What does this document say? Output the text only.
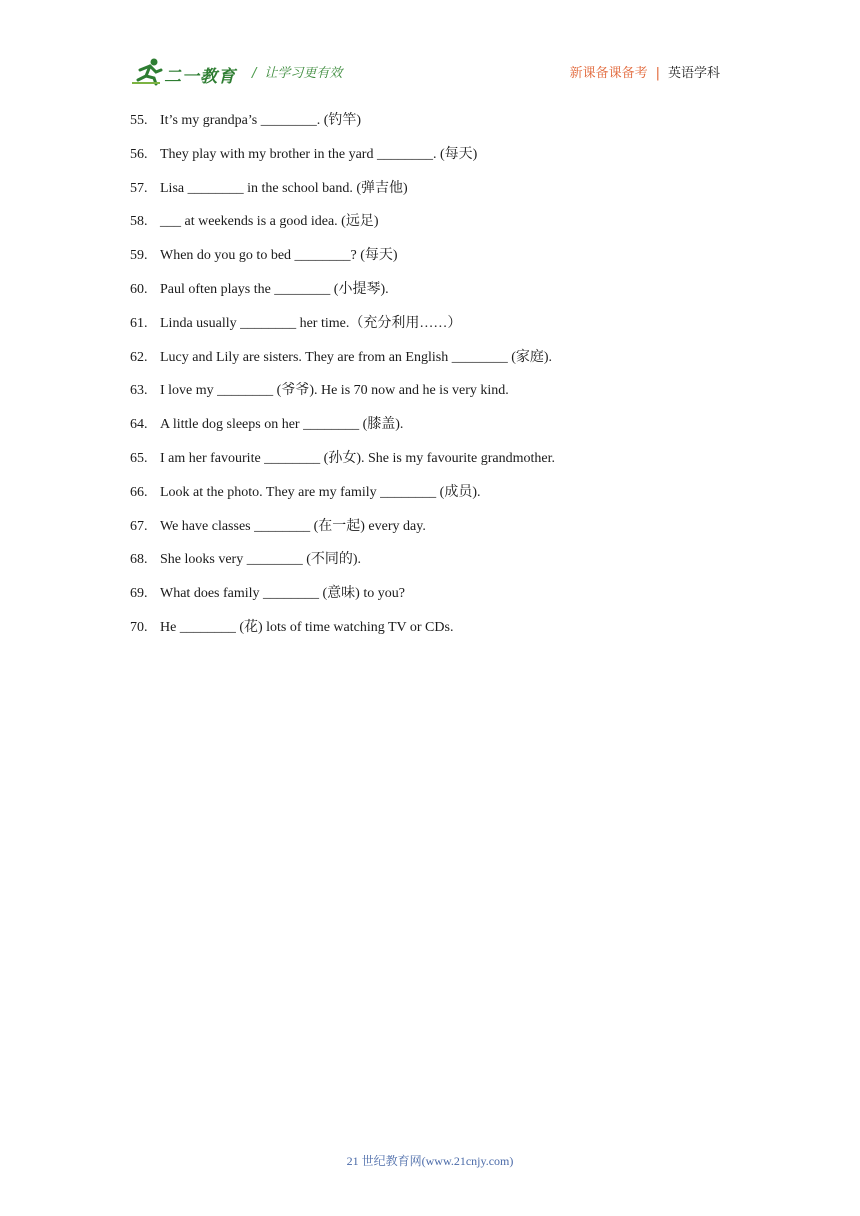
二一教育 / 让学习更有效	新课备课备考 | 英语学科
55. It’s my grandpa’s ________. (钓竿)
56. They play with my brother in the yard ________. (每天)
57. Lisa ________ in the school band. (弹吉他)
58. ___ at weekends is a good idea. (远足)
59. When do you go to bed ________? (每天)
60. Paul often plays the ________ (小提琴).
61. Linda usually ________ her time.（充分利用……）
62. Lucy and Lily are sisters. They are from an English ________ (家庭).
63. I love my ________ (爷爷). He is 70 now and he is very kind.
64. A little dog sleeps on her ________ (膝盖).
65. I am her favourite ________ (孙女). She is my favourite grandmother.
66. Look at the photo. They are my family ________ (成员).
67. We have classes ________ (在一起) every day.
68. She looks very ________ (不同的).
69. What does family ________ (意味) to you?
70. He ________ (花) lots of time watching TV or CDs.
21 世纪教育网(www.21cnjy.com)
